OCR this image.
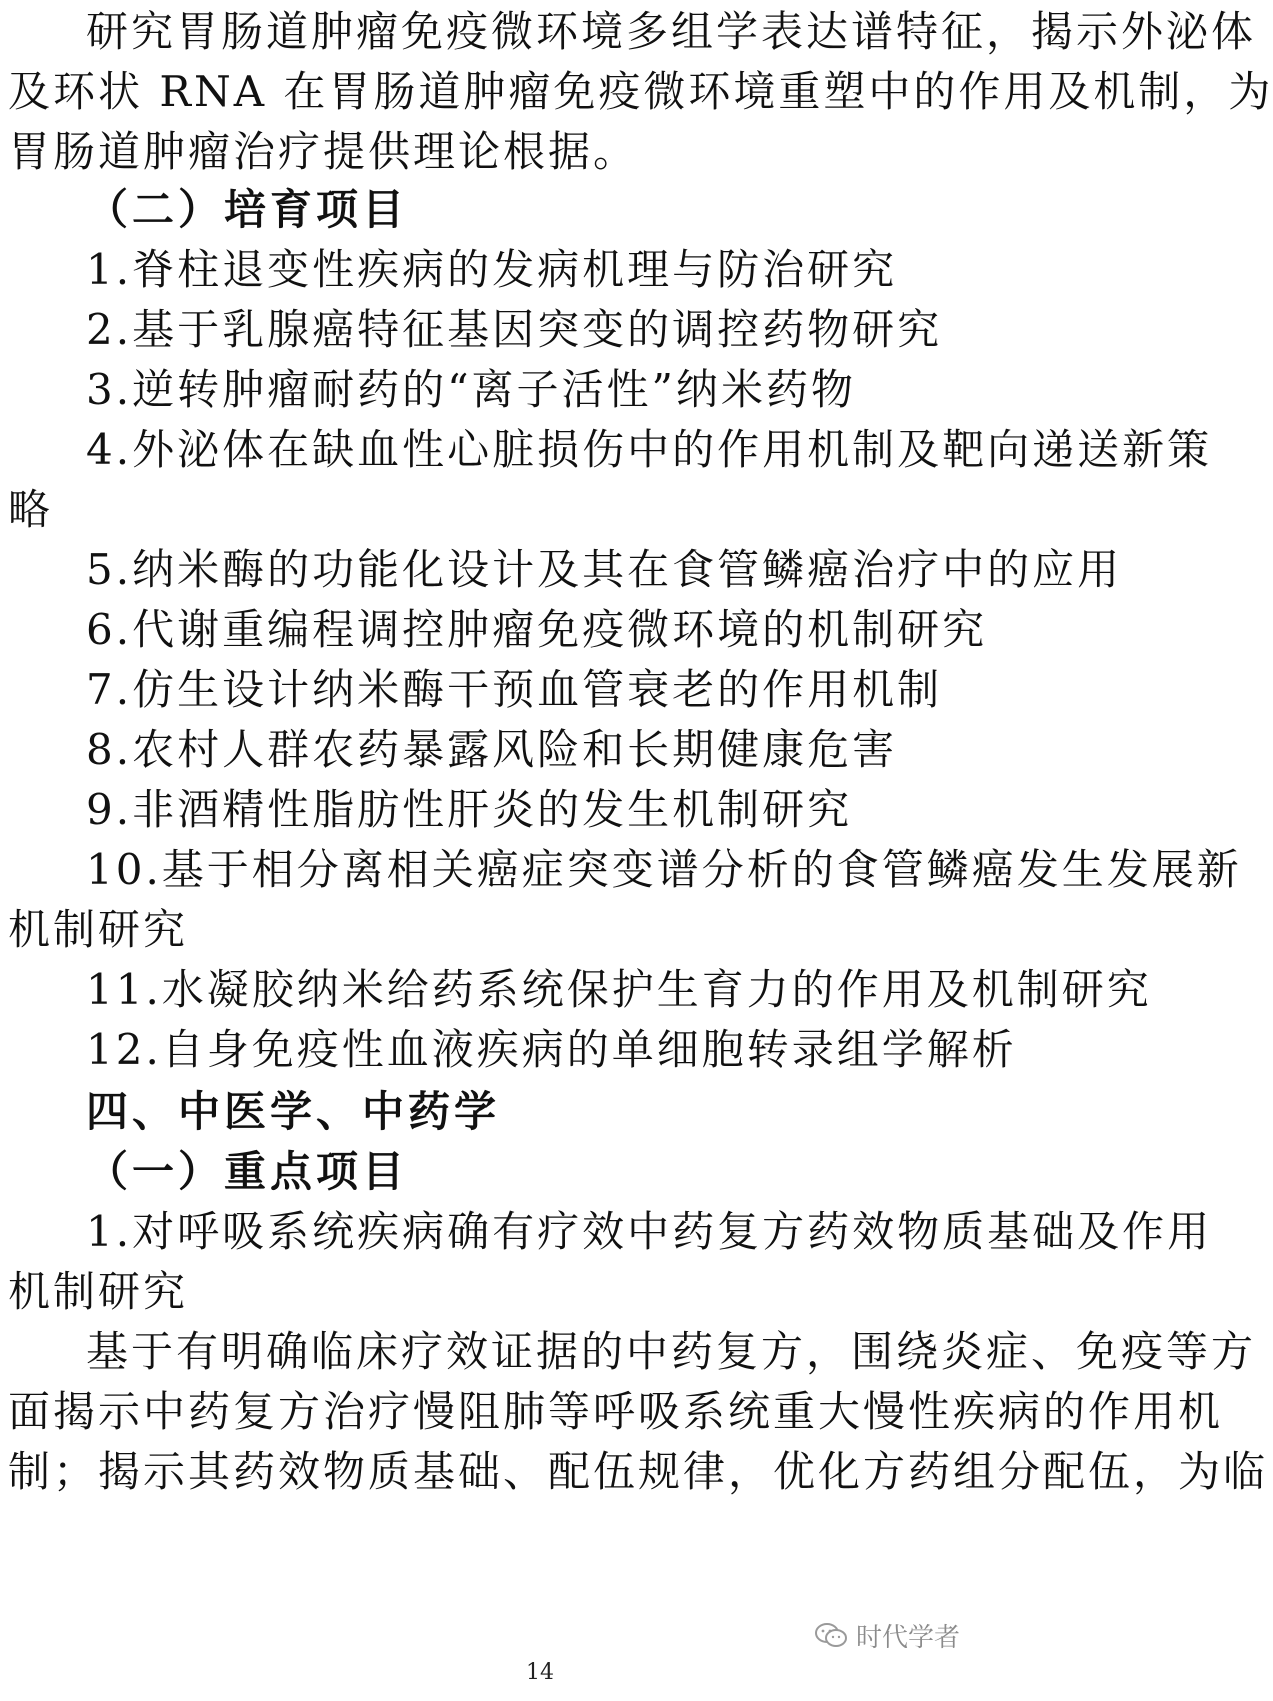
研究胃肠道肿瘤免疫微环境多组学表达谱特征，揭示外泌体
及环状 RNA 在胃肠道肿瘤免疫微环境重塑中的作用及机制，为
胃肠道肿瘤治疗提供理论根据。
（二）培育项目
1.脊柱退变性疾病的发病机理与防治研究
2.基于乳腺癌特征基因突变的调控药物研究
3.逆转肿瘤耐药的“离子活性”纳米药物
4.外泌体在缺血性心脏损伤中的作用机制及靶向递送新策
略
5.纳米酶的功能化设计及其在食管鳞癌治疗中的应用
6.代谢重编程调控肿瘤免疫微环境的机制研究
7.仿生设计纳米酶干预血管衰老的作用机制
8.农村人群农药暴露风险和长期健康危害
9.非酒精性脂肪性肝炎的发生机制研究
10.基于相分离相关癌症突变谱分析的食管鳞癌发生发展新
机制研究
11.水凝胶纳米给药系统保护生育力的作用及机制研究
12.自身免疫性血液疾病的单细胞转录组学解析
四、中医学、中药学
（一）重点项目
1.对呼吸系统疾病确有疗效中药复方药效物质基础及作用
机制研究
基于有明确临床疗效证据的中药复方，围绕炎症、免疫等方
面揭示中药复方治疗慢阻肺等呼吸系统重大慢性疾病的作用机
制；揭示其药效物质基础、配伍规律，优化方药组分配伍，为临
时代学者
14
